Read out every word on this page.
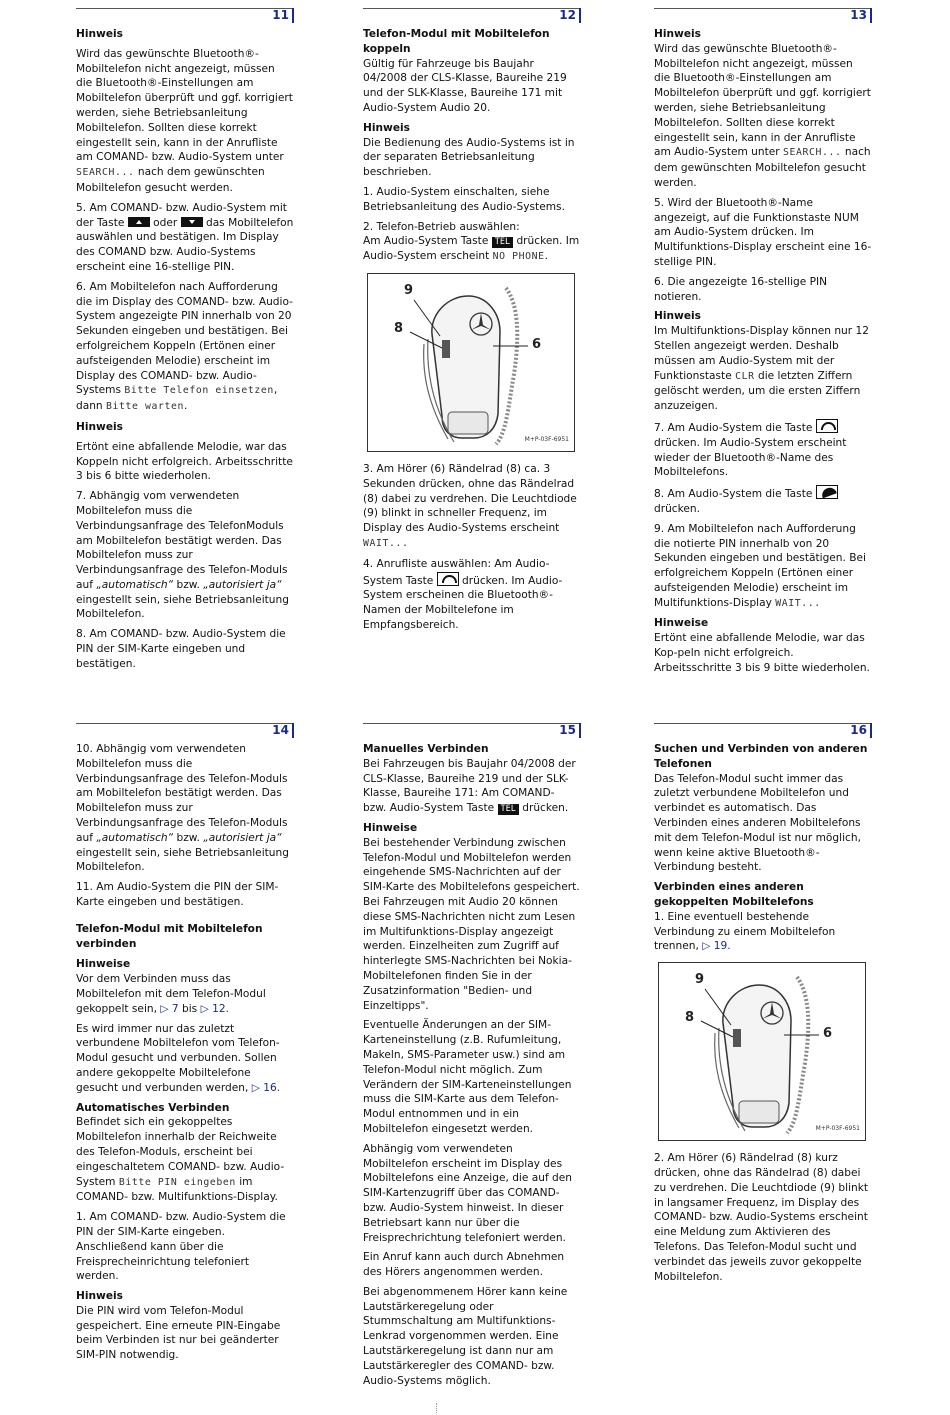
11

Hinweis

Wird das gewünschte Bluetooth®-Mobiltelefon nicht angezeigt, müssen die Bluetooth®-Einstellungen am Mobiltelefon überprüft und ggf. korrigiert werden, siehe Betriebsanleitung Mobiltelefon. Sollten diese korrekt eingestellt sein, kann in der Anrufliste am COMAND- bzw. Audio-System unter SEARCH... nach dem gewünschten Mobiltelefon gesucht werden.

5. Am COMAND- bzw. Audio-System mit der Taste	oder	das Mobiltelefon auswählen und bestätigen. Im Display des COMAND bzw. Audio-Systems erscheint eine 16-stellige PIN.

6. Am Mobiltelefon nach Aufforderung die im Display des COMAND- bzw. Audio-System angezeigte PIN innerhalb von 20 Sekunden eingeben und bestätigen. Bei erfolgreichem Koppeln (Ertönen einer aufsteigenden Melodie) erscheint im Display des COMAND- bzw. Audio-Systems Bitte Telefon einsetzen, dann Bitte warten.

Hinweis

Ertönt eine abfallende Melodie, war das Koppeln nicht erfolgreich. Arbeitsschritte 3 bis 6 bitte wiederholen.

7. Abhängig vom verwendeten Mobiltelefon muss die Verbindungsanfrage des TelefonModuls am Mobiltelefon bestätigt werden. Das Mobiltelefon muss zur Verbindungsanfrage des Telefon-Moduls auf „automatisch“ bzw. „autorisiert ja“ eingestellt sein, siehe Betriebsanleitung Mobiltelefon.

8. Am COMAND- bzw. Audio-System die PIN der SIM-Karte eingeben und bestätigen.

12

Telefon-Modul mit Mobiltelefon koppeln

Gültig für Fahrzeuge bis Baujahr 04/2008 der CLS-Klasse, Baureihe 219 und der SLK-Klasse, Baureihe 171 mit Audio-System Audio 20.

Hinweis

Die Bedienung des Audio-Systems ist in der separaten Betriebsanleitung beschrieben.

1. Audio-System einschalten, siehe Betriebsanleitung des Audio-Systems.

2. Telefon-Betrieb auswählen:

Am Audio-System Taste TEL drücken. Im Audio-System erscheint NO PHONE.

9
8
6
M+P-03F-6951

3. Am Hörer (6) Rändelrad (8) ca. 3 Sekunden drücken, ohne das Rändelrad (8) dabei zu verdrehen. Die Leuchtdiode (9) blinkt in schneller Frequenz, im Display des Audio-Systems erscheint WAIT...

4. Anrufliste auswählen: Am Audio-System Taste	drücken. Im Audio-System erscheinen die Bluetooth®-Namen der Mobiltelefone im Empfangsbereich.

13

Hinweis

Wird das gewünschte Bluetooth®-Mobiltelefon nicht angezeigt, müssen die Bluetooth®-Einstellungen am Mobiltelefon überprüft und ggf. korrigiert werden, siehe Betriebsanleitung Mobiltelefon. Sollten diese korrekt eingestellt sein, kann in der Anrufliste am Audio-System unter SEARCH... nach dem gewünschten Mobiltelefon gesucht werden.

5. Wird der Bluetooth®-Name angezeigt, auf die Funktionstaste NUM am Audio-System drücken. Im Multifunktions-Display erscheint eine 16-stellige PIN.

6. Die angezeigte 16-stellige PIN notieren.

Hinweis

Im Multifunktions-Display können nur 12 Stellen angezeigt werden. Deshalb müssen am Audio-System mit der Funktionstaste CLR die letzten Ziffern gelöscht werden, um die ersten Ziffern anzuzeigen.

7. Am Audio-System die Taste  drücken. Im Audio-System erscheint wieder der Bluetooth®-Name des Mobiltelefons.

8. Am Audio-System die Taste  drücken.

9. Am Mobiltelefon nach Aufforderung die notierte PIN innerhalb von 20 Sekunden eingeben und bestätigen. Bei erfolgreichem Koppeln (Ertönen einer aufsteigenden Melodie) erscheint im Multifunktions-Display WAIT...

Hinweise

Ertönt eine abfallende Melodie, war das Kop-peln nicht erfolgreich. Arbeitsschritte 3 bis 9 bitte wiederholen.

14

10. Abhängig vom verwendeten Mobiltelefon muss die Verbindungsanfrage des Telefon-Moduls am Mobiltelefon bestätigt werden. Das Mobiltelefon muss zur Verbindungsanfrage des Telefon-Moduls auf „automatisch“ bzw. „autorisiert ja“ eingestellt sein, siehe Betriebsanleitung Mobiltelefon.

11. Am Audio-System die PIN der SIM-Karte eingeben und bestätigen.

Telefon-Modul mit Mobiltelefon verbinden

Hinweise

Vor dem Verbinden muss das Mobiltelefon mit dem Telefon-Modul gekoppelt sein, ▷ 7 bis ▷ 12.

Es wird immer nur das zuletzt verbundene Mobiltelefon vom Telefon-Modul gesucht und verbunden. Sollen andere gekoppelte Mobiltelefone gesucht und verbunden werden, ▷ 16.

Automatisches Verbinden

Befindet sich ein gekoppeltes Mobiltelefon innerhalb der Reichweite des Telefon-Moduls, erscheint bei eingeschaltetem COMAND- bzw. Audio-System Bitte PIN eingeben im COMAND- bzw. Multifunktions-Display.

1. Am COMAND- bzw. Audio-System die PIN der SIM-Karte eingeben. Anschließend kann über die Freisprecheinrichtung telefoniert werden.

Hinweis

Die PIN wird vom Telefon-Modul gespeichert. Eine erneute PIN-Eingabe beim Verbinden ist nur bei geänderter SIM-PIN notwendig.

15

Manuelles Verbinden

Bei Fahrzeugen bis Baujahr 04/2008 der CLS-Klasse, Baureihe 219 und der SLK-Klasse, Baureihe 171: Am COMAND- bzw. Audio-System Taste TEL drücken.

Hinweise

Bei bestehender Verbindung zwischen Telefon-Modul und Mobiltelefon werden eingehende SMS-Nachrichten auf der SIM-Karte des Mobiltelefons gespeichert. Bei Fahrzeugen mit Audio 20 können diese SMS-Nachrichten nicht zum Lesen im Multifunktions-Display angezeigt werden. Einzelheiten zum Zugriff auf hinterlegte SMS-Nachrichten bei Nokia-Mobiltelefonen finden Sie in der Zusatzinformation "Bedien- und Einzeltipps".

Eventuelle Änderungen an der SIM-Karteneinstellung (z.B. Rufumleitung, Makeln, SMS-Parameter usw.) sind am Telefon-Modul nicht möglich. Zum Verändern der SIM-Karteneinstellungen muss die SIM-Karte aus dem Telefon-Modul entnommen und in ein Mobiltelefon eingesetzt werden.

Abhängig vom verwendeten Mobiltelefon erscheint im Display des Mobiltelefons eine Anzeige, die auf den SIM-Kartenzugriff über das COMAND- bzw. Audio-System hinweist. In dieser Betriebsart kann nur über die Freisprechrichtung telefoniert werden.

Ein Anruf kann auch durch Abnehmen des Hörers angenommen werden.

Bei abgenommenem Hörer kann keine Lautstärkeregelung oder Stummschaltung am Multifunktions-Lenkrad vorgenommen werden. Eine Lautstärkeregelung ist dann nur am Lautstärkeregler des COMAND- bzw. Audio-Systems möglich.

16

Suchen und Verbinden von anderen Telefonen

Das Telefon-Modul sucht immer das zuletzt verbundene Mobiltelefon und verbindet es automatisch. Das Verbinden eines anderen Mobiltelefons mit dem Telefon-Modul ist nur möglich, wenn keine aktive Bluetooth®-Verbindung besteht.

Verbinden eines anderen gekoppelten Mobiltelefons

1. Eine eventuell bestehende Verbindung zu einem Mobiltelefon trennen, ▷ 19.

9
8
6
M+P-03F-6951

2. Am Hörer (6) Rändelrad (8) kurz drücken, ohne das Rändelrad (8) dabei zu verdrehen. Die Leuchtdiode (9) blinkt in langsamer Frequenz, im Display des COMAND- bzw. Audio-Systems erscheint eine Meldung zum Aktivieren des Telefons. Das Telefon-Modul sucht und verbindet das jeweils zuvor gekoppelte Mobiltelefon.
